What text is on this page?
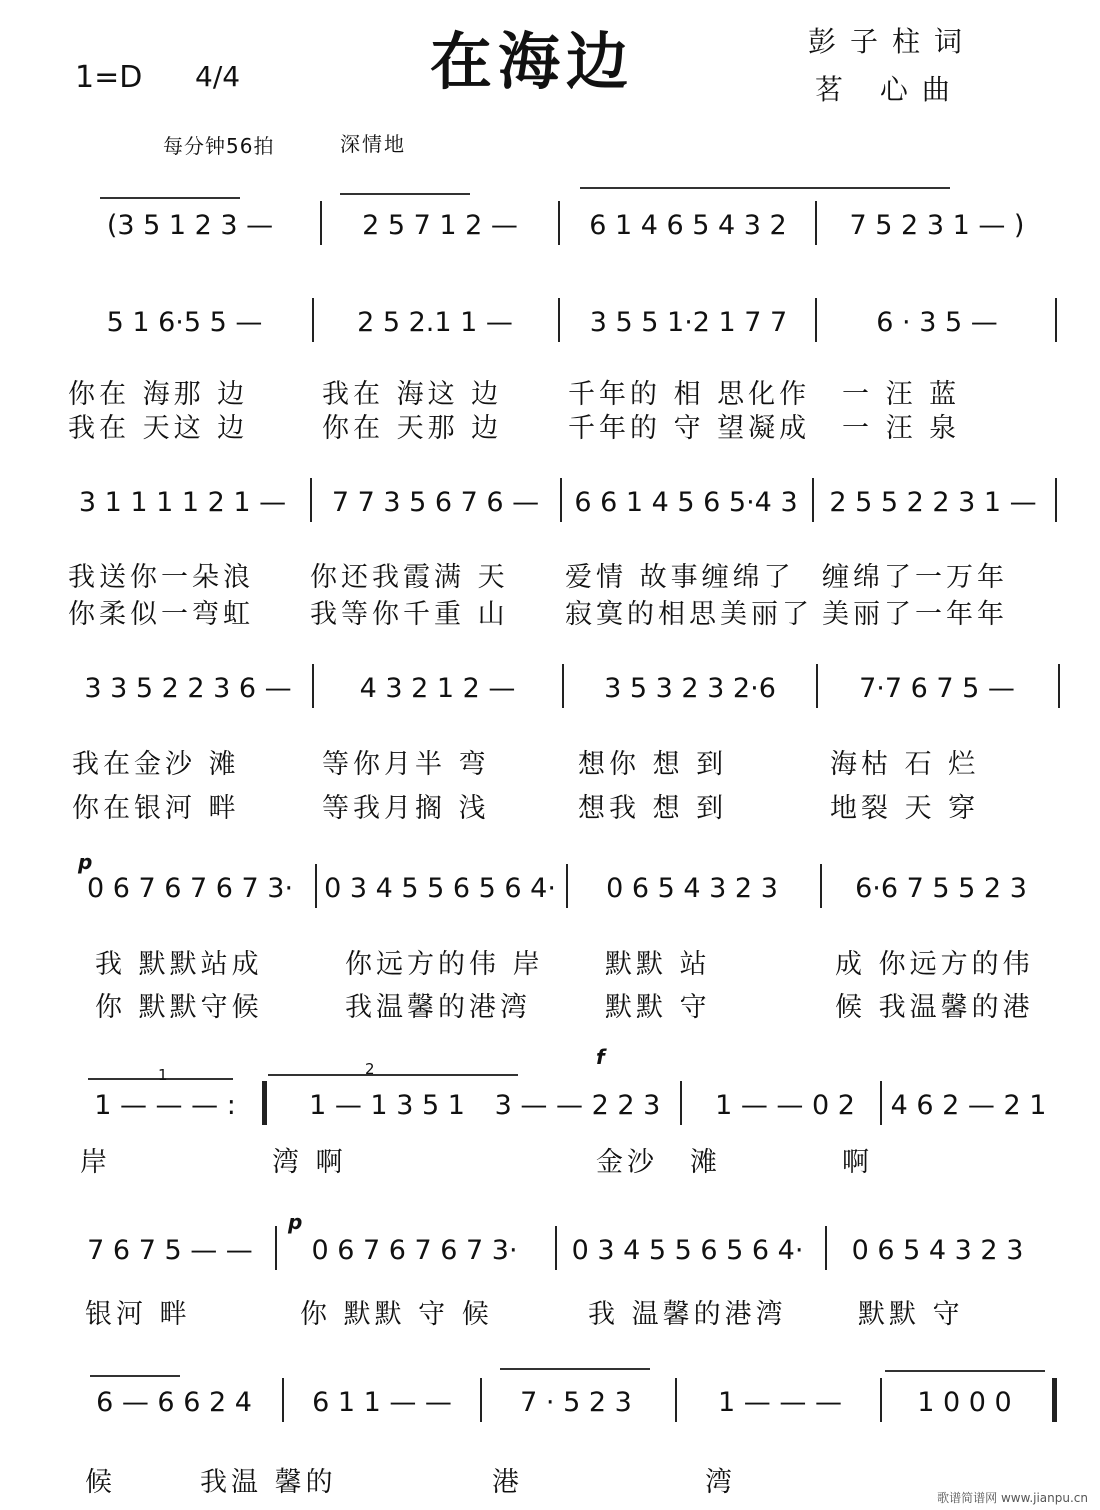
在海边	彭子柱词
茗 心曲
1=D 4/4
每分钟56拍	深情地
(3 5 1 2 3 —	2 5 7 1 2 —	6 1 4 6 5 4 3 2	7 5 2 3 1 — )
5 1 6·5 5 —	2 5 2.1 1 —	3 5 5 1·2 1 7 7	6 · 3 5 —
你在 海那 边	我在 海这 边 千年的 相 思化作 一 汪 蓝
我在 天这 边	你在 天那 边 千年的 守 望凝成 一 汪 泉
3 1 1 1 1 2 1 —	7 7 3 5 6 7 6 —	6 6 1 4 5 6 5·4 3	2 5 5 2 2 3 1 —
我送你一朵浪 你还我霞满 天 爱情 故事缠绵了 缠绵了一万年
你柔似一弯虹 我等你千重 山 寂寞的相思美丽了 美丽了一年年
3 3 5 2 2 3 6 —	4 3 2 1 2 —	3 5 3 2 3 2·6	7·7 6 7 5 —
我在金沙 滩	等你月半 弯	想你 想 到	海枯 石 烂
你在银河 畔	等我月搁 浅	想我 想 到	地裂 天 穿
p
0 6 7 6 7 6 7 3·	0 3 4 5 5 6 5 6 4·	0 6 5 4 3 2 3	6·6 7 5 5 2 3
我 默默站成	你远方的伟 岸 默默 站	成 你远方的伟
你 默默守候	我温馨的港湾	默默 守	候 我温馨的港
1	2	f
1 — — — :	1 — 1 3 5 1	3 — — 2 2 3	1 — — 0 2	4 6 2 — 2 1
岸	湾 啊	金沙 滩	啊
p
7 6 7 5 — —	0 6 7 6 7 6 7 3·	0 3 4 5 5 6 5 6 4·	0 6 5 4 3 2 3
银河 畔	你 默默 守 候	我 温馨的港湾	默默 守
6 — 6 6 2 4	6 1 1 — —	7 · 5 2 3	1 — — —	1 0 0 0
候	我温 馨的	港	湾	歌谱简谱网 www.jianpu.cn
